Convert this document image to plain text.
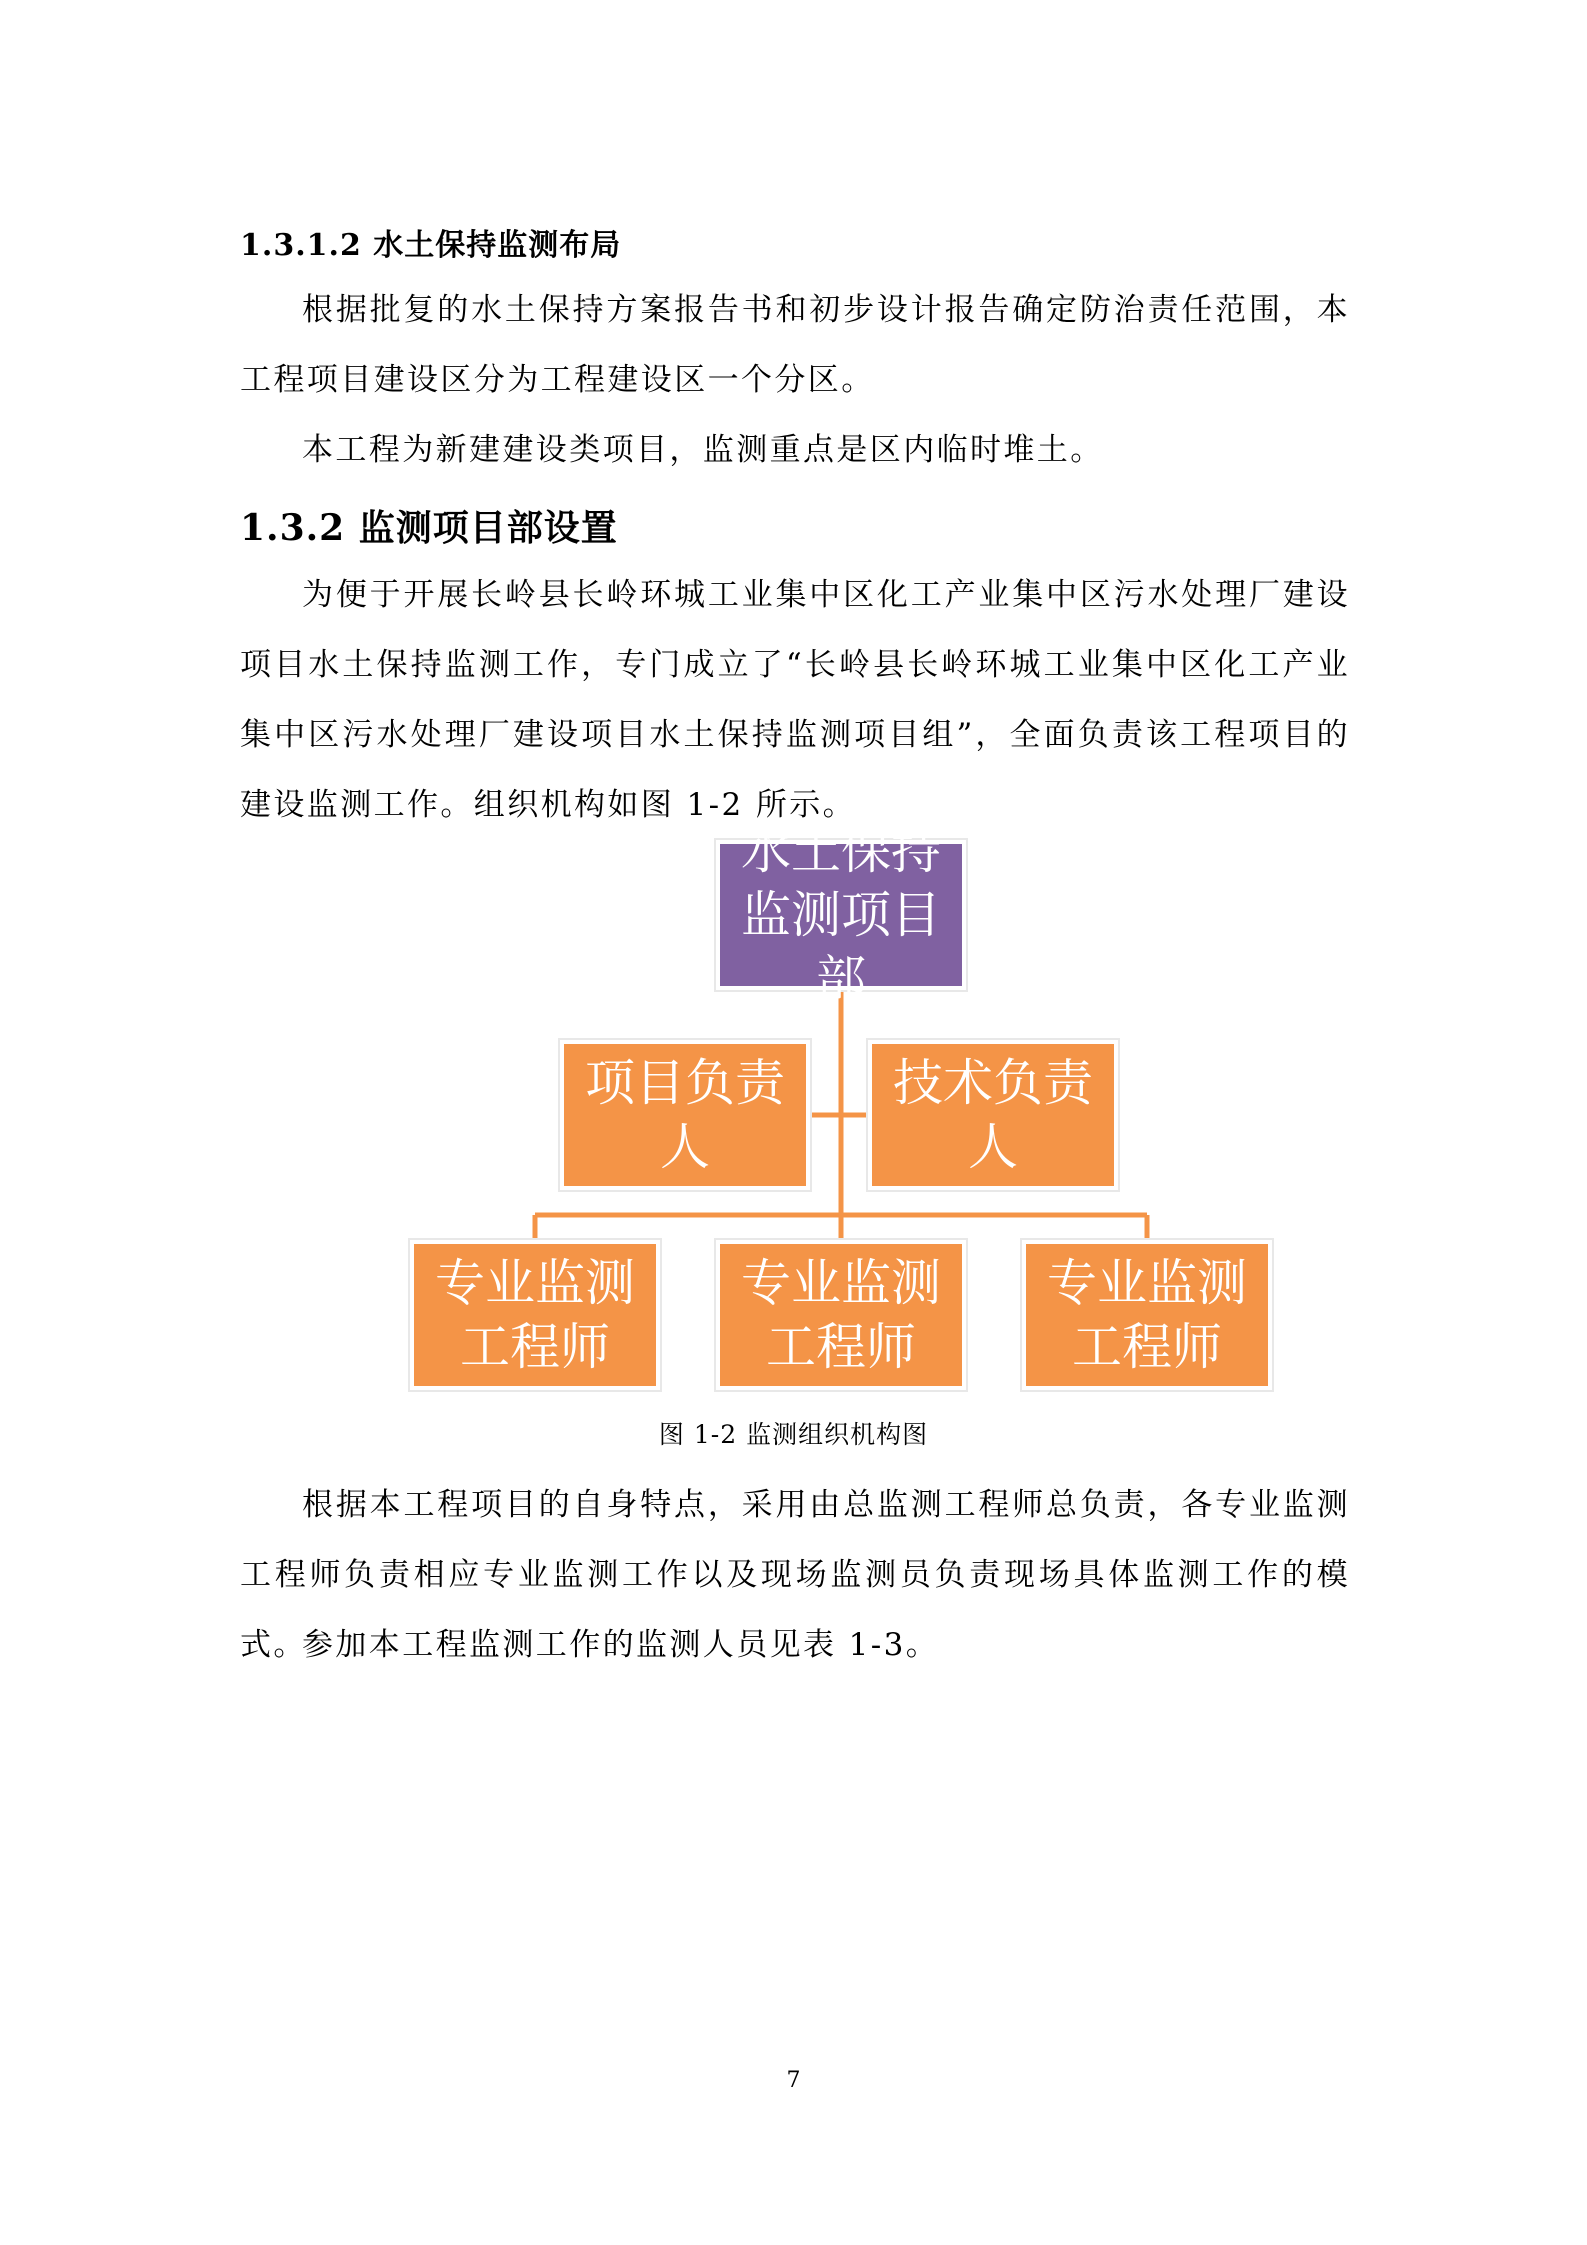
1.3.1.2 水土保持监测布局

根据批复的水土保持方案报告书和初步设计报告确定防治责任范围，本工程项目建设区分为工程建设区一个分区。

本工程为新建建设类项目，监测重点是区内临时堆土。

1.3.2 监测项目部设置

为便于开展长岭县长岭环城工业集中区化工产业集中区污水处理厂建设项目水土保持监测工作，专门成立了“长岭县长岭环城工业集中区化工产业集中区污水处理厂建设项目水土保持监测项目组”，全面负责该工程项目的建设监测工作。组织机构如图 1-2 所示。

水土保持监测项目部
项目负责人
技术负责人
专业监测工程师
专业监测工程师
专业监测工程师
图 1-2 监测组织机构图

根据本工程项目的自身特点，采用由总监测工程师总负责，各专业监测工程师负责相应专业监测工作以及现场监测员负责现场具体监测工作的模式。

参加本工程监测工作的监测人员见表 1-3。

7
